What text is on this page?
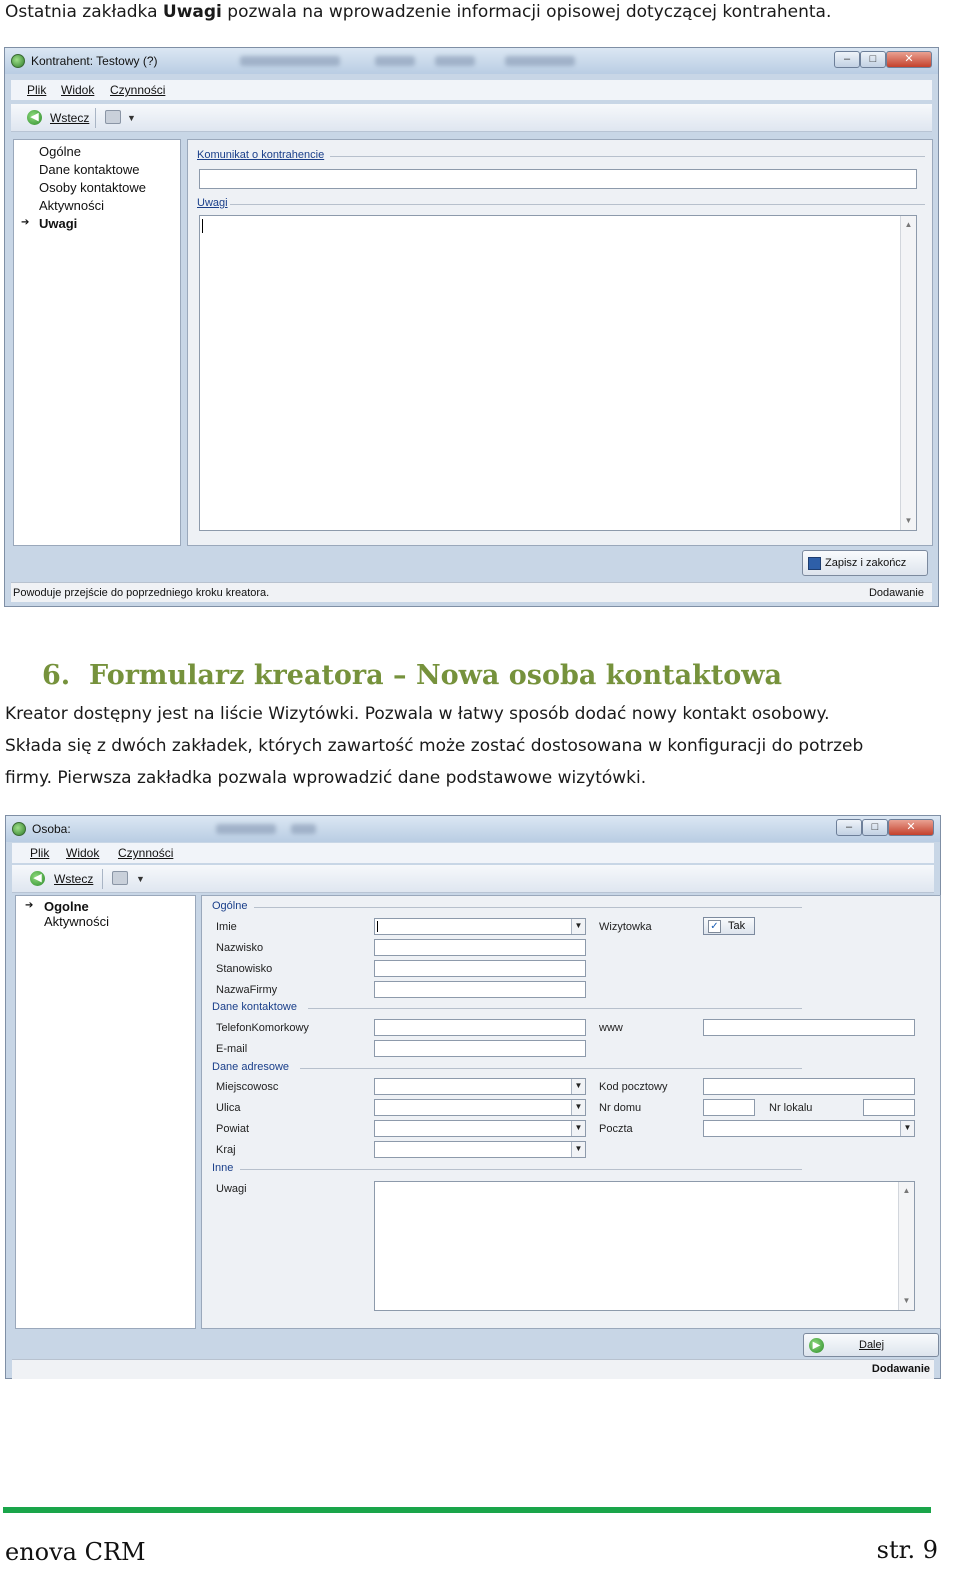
Ostatnia zakładka Uwagi pozwala na wprowadzenie informacji opisowej dotyczącej kontrahenta.
Kontrahent: Testowy (?)	–	□	✕
Plik Widok Czynności
◀ Wstecz	▼
Ogólne
Dane kontaktowe
Osoby kontaktowe
Aktywności
➔ Uwagi
Komunikat o kontrahencie
Uwagi
▲
▼
Zapisz i zakończ
Powoduje przejście do poprzedniego kroku kreatora.	Dodawanie
6. Formularz kreatora – Nowa osoba kontaktowa
Kreator dostępny jest na liście Wizytówki. Pozwala w łatwy sposób dodać nowy kontakt osobowy.
Składa się z dwóch zakładek, których zawartość może zostać dostosowana w konfiguracji do potrzeb
firmy. Pierwsza zakładka pozwala wprowadzić dane podstawowe wizytówki.
Osoba:	–	□	✕
Plik Widok Czynności
◀ Wstecz	▼
➔ Ogolne
Aktywności
Ogólne
Imie	▼ Wizytowka	✓ Tak
Nazwisko
Stanowisko
NazwaFirmy
Dane kontaktowe
TelefonKomorkowy	www
E-mail
Dane adresowe
Miejscowosc	▼ Kod pocztowy
Ulica	▼ Nr domu	Nr lokalu
Powiat	▼ Poczta	▼
Kraj	▼
Inne
Uwagi	▲
▼
▶	Dalej
Dodawanie
enova CRM	str. 9
